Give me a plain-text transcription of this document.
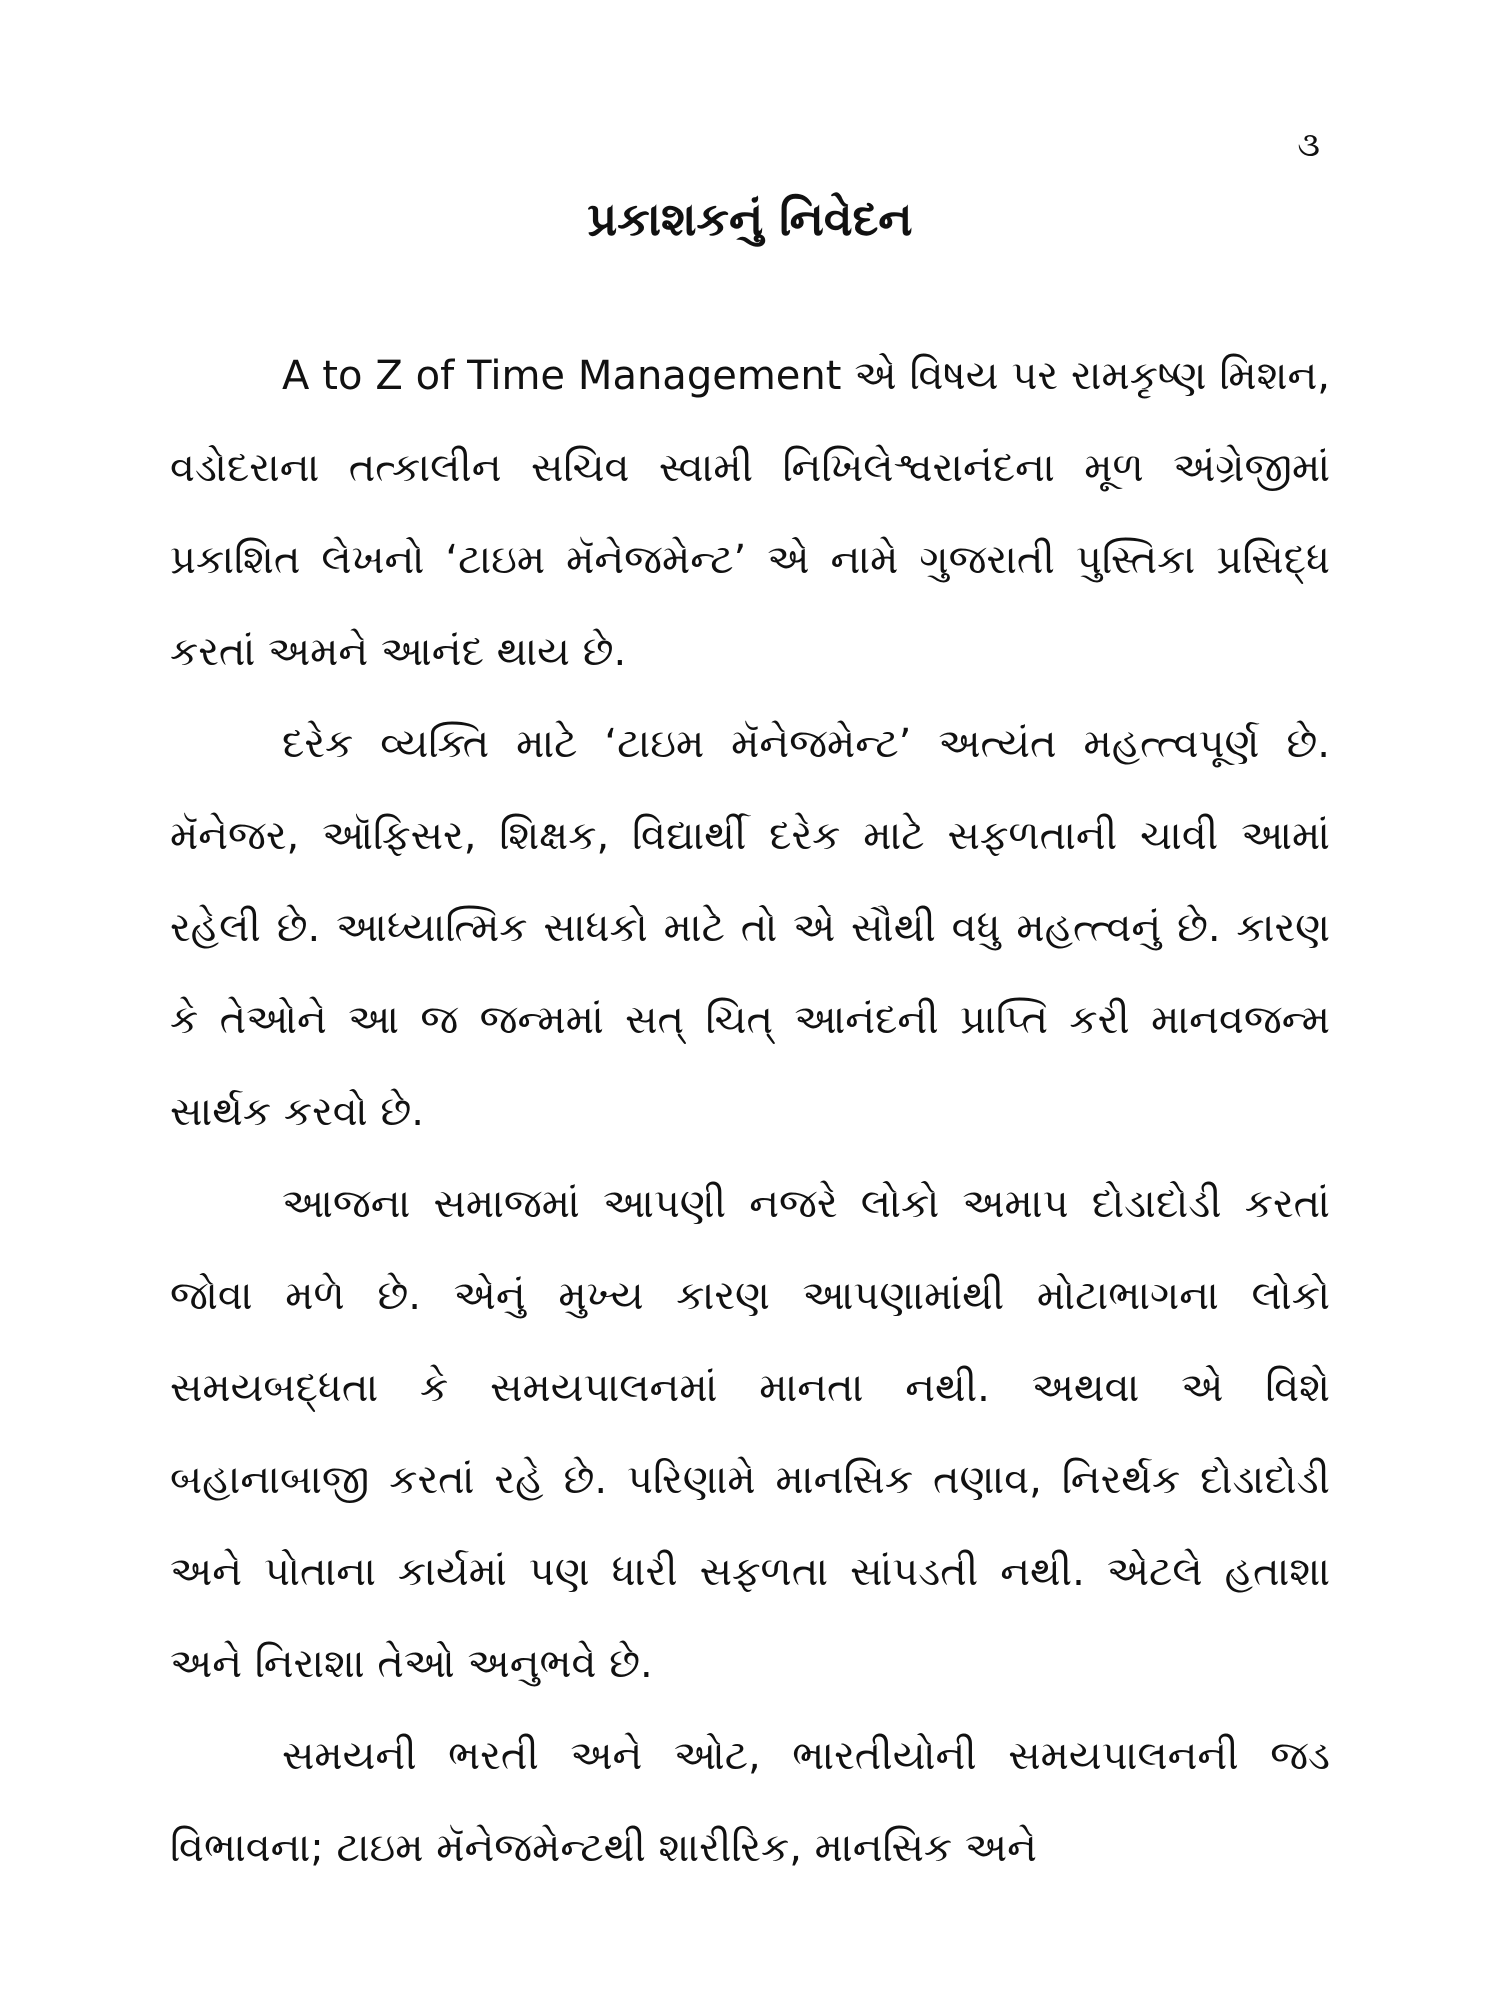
૩
પ્રકાશકનું નિવેદન

A to Z of Time Management એ વિષય પર રામકૃષ્ણ મિશન, વડોદરાના તત્કાલીન સચિવ સ્વામી નિખિલેશ્વરાનંદના મૂળ અંગ્રેજીમાં પ્રકાશિત લેખનો ‘ટાઇમ મૅનેજમેન્ટ’ એ નામે ગુજરાતી પુસ્તિકા પ્રસિદ્ધ કરતાં અમને આનંદ થાય છે.

દરેક વ્યક્તિ માટે ‘ટાઇમ મૅનેજમેન્ટ’ અત્યંત મહત્ત્વપૂર્ણ છે. મૅનેજર, ઑફિસર, શિક્ષક, વિદ્યાર્થી દરેક માટે સફળતાની ચાવી આમાં રહેલી છે. આધ્યાત્મિક સાધકો માટે તો એ સૌથી વધુ મહત્ત્વનું છે. કારણ કે તેઓને આ જ જન્મમાં સત્ ચિત્ આનંદની પ્રાપ્તિ કરી માનવજન્મ સાર્થક કરવો છે.

આજના સમાજમાં આપણી નજરે લોકો અમાપ દોડાદોડી કરતાં જોવા મળે છે. એનું મુખ્ય કારણ આપણામાંથી મોટાભાગના લોકો સમયબદ્ધતા કે સમયપાલનમાં માનતા નથી. અથવા એ વિશે બહાનાબાજી કરતાં રહે છે. પરિણામે માનસિક તણાવ, નિરર્થક દોડાદોડી અને પોતાના કાર્યમાં પણ ધારી સફળતા સાંપડતી નથી. એટલે હતાશા અને નિરાશા તેઓ અનુભવે છે.

સમયની ભરતી અને ઓટ, ભારતીયોની સમયપાલનની જડ વિભાવના; ટાઇમ મૅનેજમેન્ટથી શારીરિક, માનસિક અને
